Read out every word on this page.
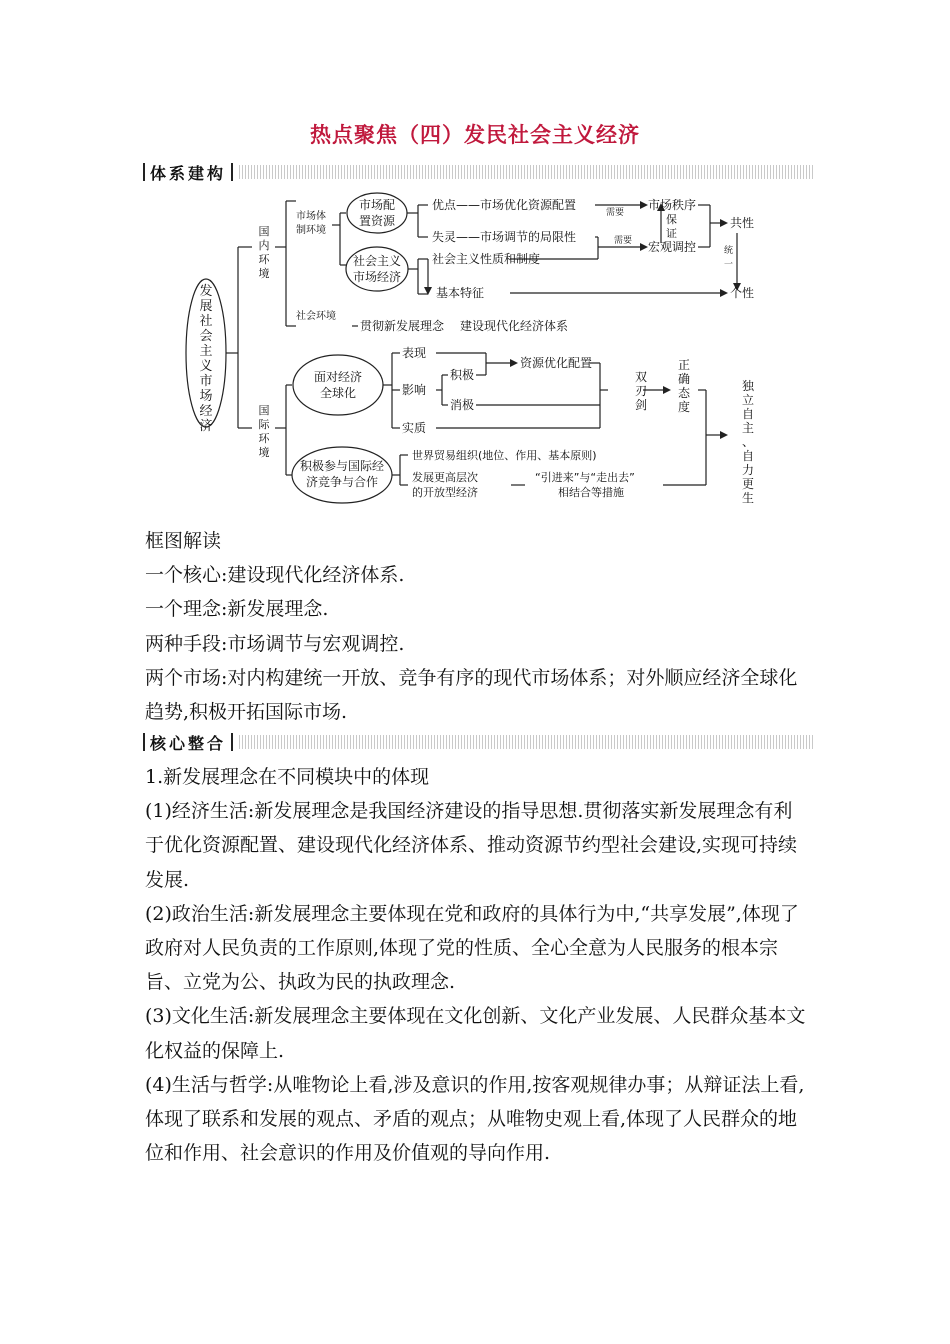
热点聚焦（四）发民社会主义经济
体系建构
发展社会主义市场经济
国内环境
国际环境
市场体
制环境
市场配
置资源
社会主义
市场经济
优点——市场优化资源配置
失灵——市场调节的局限性
需要
需要
市场秩序
保证
宏观调控
共性
统一
社会主义性质和制度
基本特征	个性
社会环境
贯彻新发展理念 建设现代化经济体系
面对经济
全球化
表现
影响
实质
积极
消极
资源优化配置
双刃剑
正确态度
积极参与国际经
济竞争与合作
世界贸易组织(地位、作用、基本原则)
发展更高层次
的开放型经济
“引进来”与“走出去”
相结合等措施
独立自主、自力更生

框图解读

一个核心:建设现代化经济体系.

一个理念:新发展理念.

两种手段:市场调节与宏观调控.

两个市场:对内构建统一开放、竞争有序的现代市场体系；对外顺应经济全球化趋势,积极开拓国际市场.

核心整合

1.新发展理念在不同模块中的体现

(1)经济生活:新发展理念是我国经济建设的指导思想.贯彻落实新发展理念有利于优化资源配置、建设现代化经济体系、推动资源节约型社会建设,实现可持续发展.

(2)政治生活:新发展理念主要体现在党和政府的具体行为中,“共享发展”,体现了政府对人民负责的工作原则,体现了党的性质、全心全意为人民服务的根本宗旨、立党为公、执政为民的执政理念.

(3)文化生活:新发展理念主要体现在文化创新、文化产业发展、人民群众基本文化权益的保障上.

(4)生活与哲学:从唯物论上看,涉及意识的作用,按客观规律办事；从辩证法上看,体现了联系和发展的观点、矛盾的观点；从唯物史观上看,体现了人民群众的地位和作用、社会意识的作用及价值观的导向作用.
